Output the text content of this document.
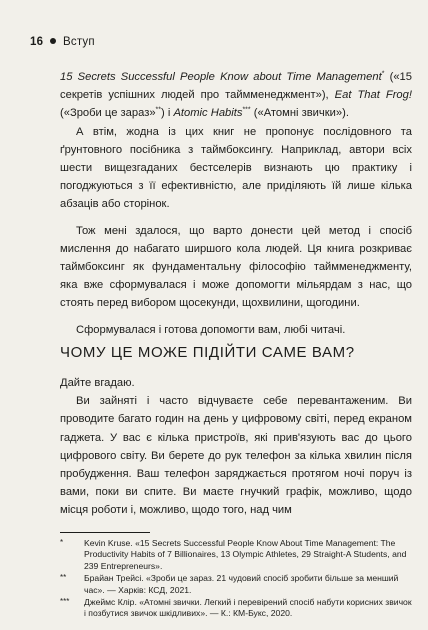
16 Вступ

15 Secrets Successful People Know about Time Management* («15 секретів успішних людей про таймменеджмент»), Eat That Frog! («Зроби це зараз»**) і Atomic Habits*** («Атомні звички»).

А втім, жодна із цих книг не пропонує послідовного та ґрунтовного посібника з таймбоксингу. Наприклад, автори всіх шести вищезгаданих бестселерів визнають цю практику і погоджуються з її ефективністю, але приділяють їй лише кілька абзаців або сторінок.

Тож мені здалося, що варто донести цей метод і спосіб мислення до набагато ширшого кола людей. Ця книга розкриває таймбоксинг як фундаментальну філософію таймменеджменту, яка вже сформувалася і може допомогти мільярдам з нас, що стоять перед вибором щосекунди, щохвилини, щогодини.

Сформувалася і готова допомогти вам, любі читачі.

ЧОМУ ЦЕ МОЖЕ ПІДІЙТИ САМЕ ВАМ?

Дайте вгадаю.

Ви зайняті і часто відчуваєте себе перевантаженим. Ви проводите багато годин на день у цифровому світі, перед екраном гаджета. У вас є кілька пристроїв, які прив'язують вас до цього цифрового світу. Ви берете до рук телефон за кілька хвилин після пробудження. Ваш телефон заряджається протягом ночі поруч із вами, поки ви спите. Ви маєте гнучкий графік, можливо, щодо місця роботи і, можливо, щодо того, над чим

* Kevin Kruse. «15 Secrets Successful People Know About Time Management: The Productivity Habits of 7 Billionaires, 13 Olympic Athletes, 29 Straight-A Students, and 239 Entrepreneurs».
** Брайан Трейсі. «Зроби це зараз. 21 чудовий спосіб зробити більше за менший час». — Харків: КСД, 2021.
*** Джеймс Клір. «Атомні звички. Легкий і перевірений спосіб набути корисних звичок і позбутися звичок шкідливих». — К.: КМ-Букс, 2020.
